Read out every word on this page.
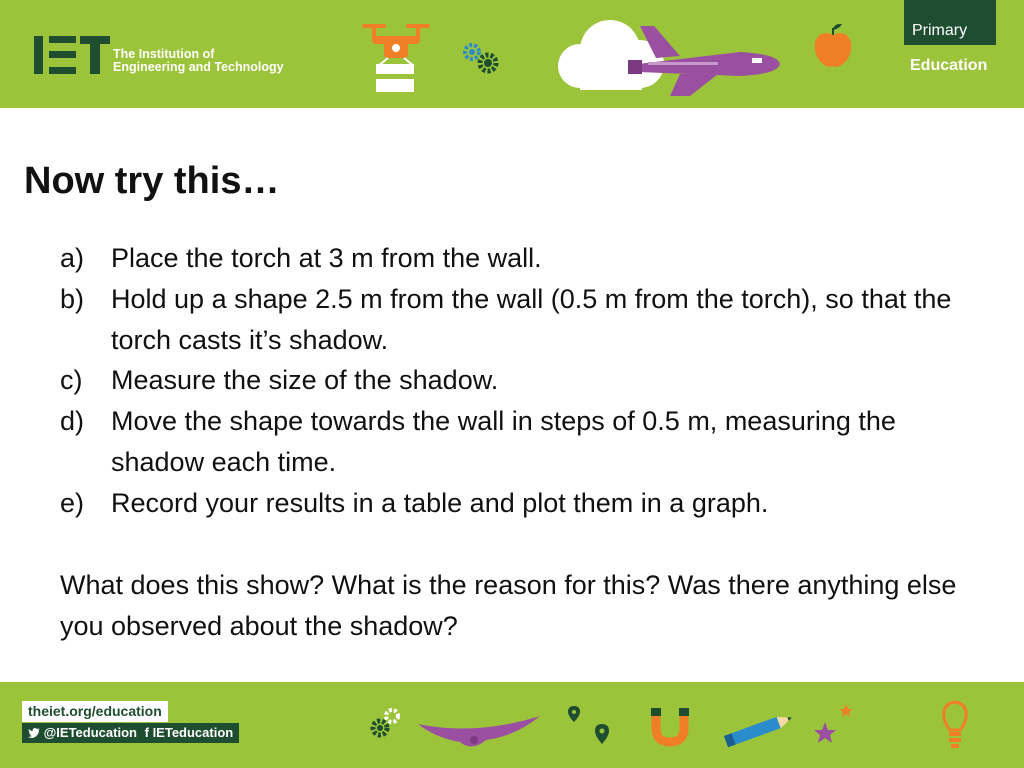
The Institution of
Engineering and Technology
Primary
Education
Now try this…
a) Place the torch at 3 m from the wall.
b) Hold up a shape 2.5 m from the wall (0.5 m from the torch), so that the torch casts it’s shadow.
c)	Measure the size of the shadow.
d) Move the shape towards the wall in steps of 0.5 m, measuring the shadow each time.
e) Record your results in a table and plot them in a graph.

What does this show? What is the reason for this? Was there anything else you observed about the shadow?

theiet.org/education
@IETeducation f IETeducation
